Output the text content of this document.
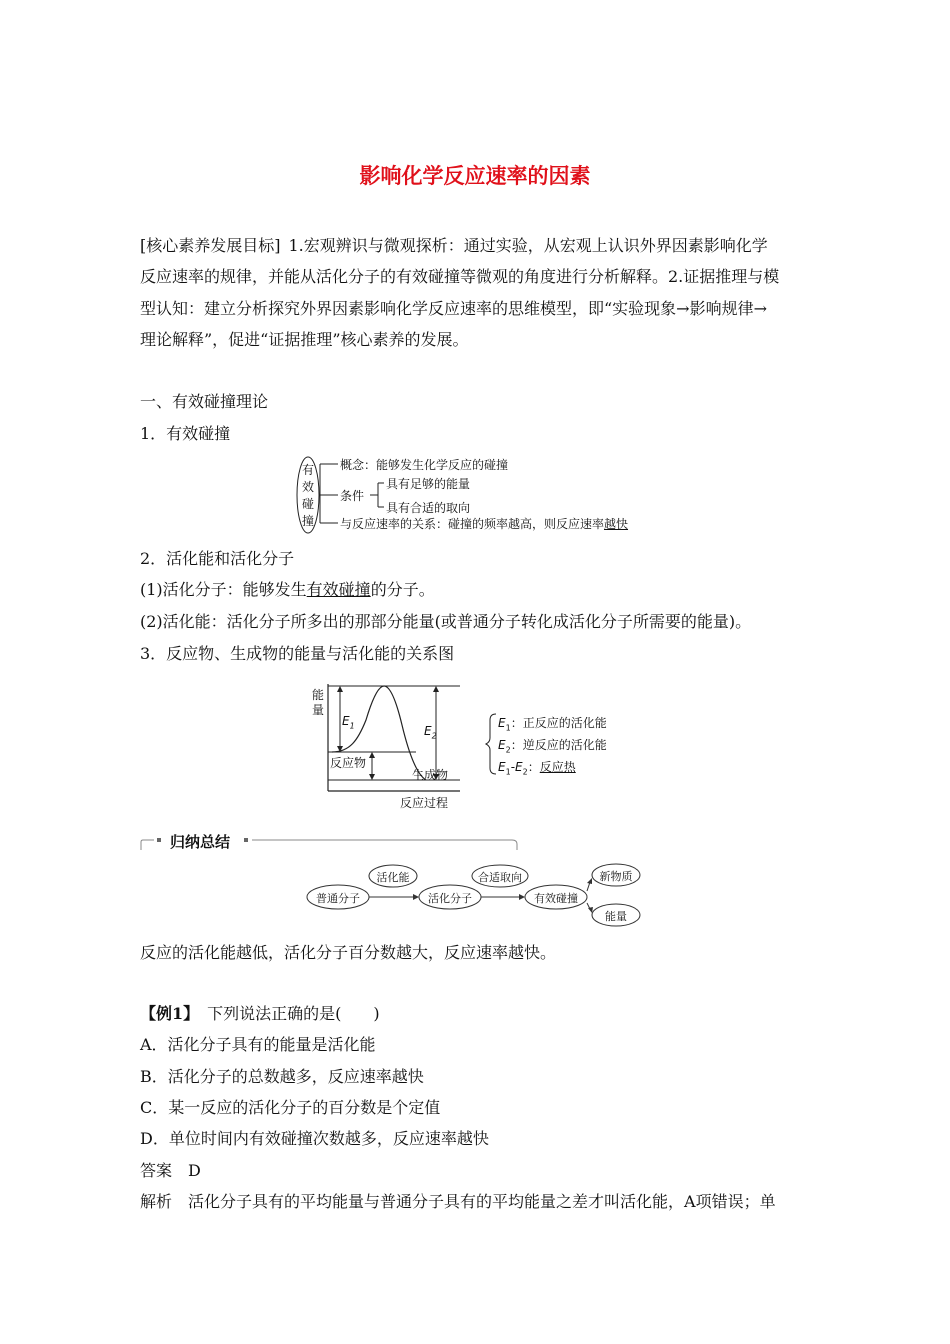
影响化学反应速率的因素
[核心素养发展目标]  1.宏观辨识与微观探析：通过实验，从宏观上认识外界因素影响化学
反应速率的规律，并能从活化分子的有效碰撞等微观的角度进行分析解释。2.证据推理与模
型认知：建立分析探究外界因素影响化学反应速率的思维模型，即“实验现象→影响规律→
理论解释”，促进“证据推理”核心素养的发展。
一、有效碰撞理论
1．有效碰撞
有
效
碰
撞
概念：能够发生化学反应的碰撞
条件
具有足够的能量
具有合适的取向
与反应速率的关系：碰撞的频率越高，则反应速率越快
2．活化能和活化分子
(1)活化分子：能够发生有效碰撞的分子。
(2)活化能：活化分子所多出的那部分能量(或普通分子转化成活化分子所需要的能量)。
3．反应物、生成物的能量与活化能的关系图
能
量
反应物
生成物
反应过程
$E_1$	$E_2$
$E_1$：正反应的活化能
$E_2$：逆反应的活化能
$E_1-E_2$：反应热
归纳总结
普通分子
活化能
活化分子
合适取向
有效碰撞
新物质
能量
反应的活化能越低，活化分子百分数越大，反应速率越快。
【例1】  下列说法正确的是(　　)
A．活化分子具有的能量是活化能
B．活化分子的总数越多，反应速率越快
C．某一反应的活化分子的百分数是个定值
D．单位时间内有效碰撞次数越多，反应速率越快
答案   D
解析  活化分子具有的平均能量与普通分子具有的平均能量之差才叫活化能，A项错误；单
